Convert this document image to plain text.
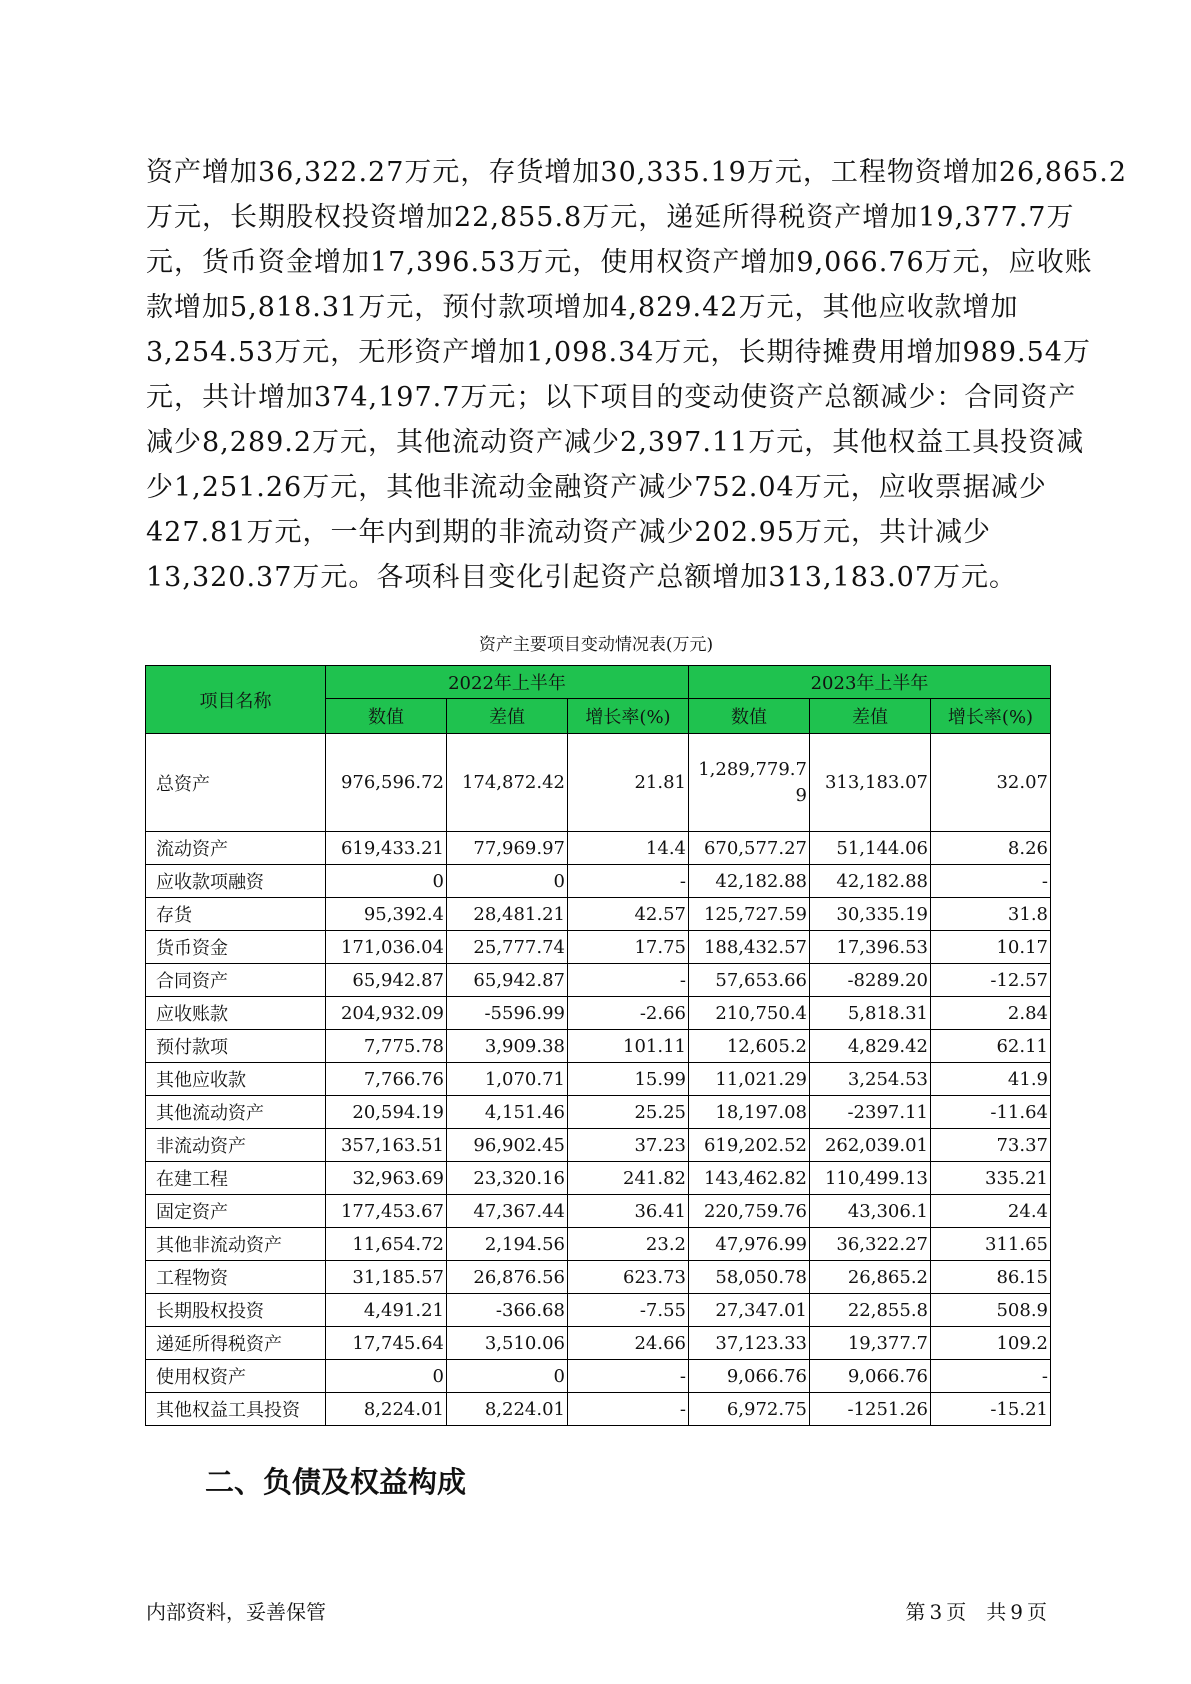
资产增加36,322.27万元，存货增加30,335.19万元，工程物资增加26,865.2

万元，长期股权投资增加22,855.8万元，递延所得税资产增加19,377.7万

元，货币资金增加17,396.53万元，使用权资产增加9,066.76万元，应收账

款增加5,818.31万元，预付款项增加4,829.42万元，其他应收款增加

3,254.53万元，无形资产增加1,098.34万元，长期待摊费用增加989.54万

元，共计增加374,197.7万元；以下项目的变动使资产总额减少：合同资产

减少8,289.2万元，其他流动资产减少2,397.11万元，其他权益工具投资减

少1,251.26万元，其他非流动金融资产减少752.04万元，应收票据减少

427.81万元，一年内到期的非流动资产减少202.95万元，共计减少

13,320.37万元。各项科目变化引起资产总额增加313,183.07万元。

资产主要项目变动情况表(万元)
项目名称	2022年上半年			2023年上半年		
	数值	差值	增长率(%)	数值	差值	增长率(%)
总资产	976,596.72	174,872.42	21.81	1,289,779.79	313,183.07	32.07
流动资产	619,433.21	77,969.97	14.4	670,577.27	51,144.06	8.26
应收款项融资	0	0	-	42,182.88	42,182.88	-
存货	95,392.4	28,481.21	42.57	125,727.59	30,335.19	31.8
货币资金	171,036.04	25,777.74	17.75	188,432.57	17,396.53	10.17
合同资产	65,942.87	65,942.87	-	57,653.66	-8289.20	-12.57
应收账款	204,932.09	-5596.99	-2.66	210,750.4	5,818.31	2.84
预付款项	7,775.78	3,909.38	101.11	12,605.2	4,829.42	62.11
其他应收款	7,766.76	1,070.71	15.99	11,021.29	3,254.53	41.9
其他流动资产	20,594.19	4,151.46	25.25	18,197.08	-2397.11	-11.64
非流动资产	357,163.51	96,902.45	37.23	619,202.52	262,039.01	73.37
在建工程	32,963.69	23,320.16	241.82	143,462.82	110,499.13	335.21
固定资产	177,453.67	47,367.44	36.41	220,759.76	43,306.1	24.4
其他非流动资产	11,654.72	2,194.56	23.2	47,976.99	36,322.27	311.65
工程物资	31,185.57	26,876.56	623.73	58,050.78	26,865.2	86.15
长期股权投资	4,491.21	-366.68	-7.55	27,347.01	22,855.8	508.9
递延所得税资产	17,745.64	3,510.06	24.66	37,123.33	19,377.7	109.2
使用权资产	0	0	-	9,066.76	9,066.76	-
其他权益工具投资	8,224.01	8,224.01	-	6,972.75	-1251.26	-15.21
二、负债及权益构成
内部资料，妥善保管	第 3 页　共 9 页
